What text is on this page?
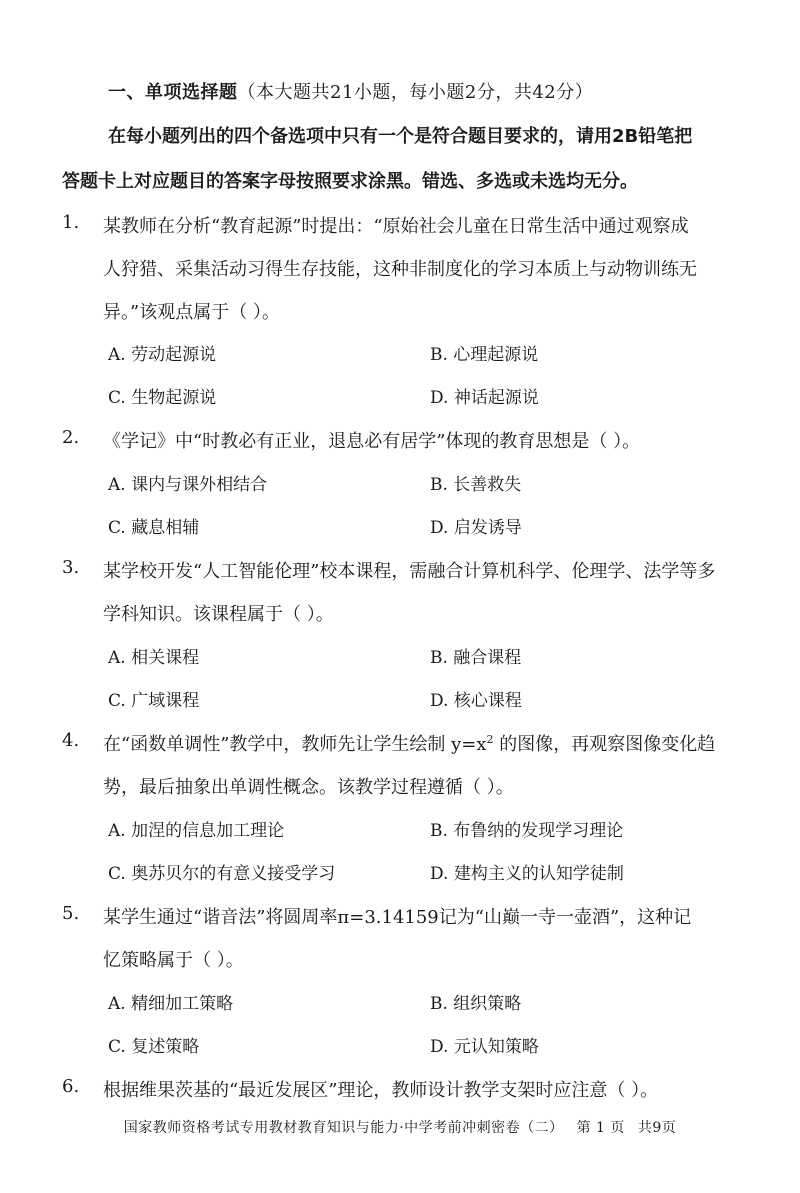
一、单项选择题（本大题共21小题，每小题2分，共42分）
在每小题列出的四个备选项中只有一个是符合题目要求的，请用2B铅笔把
答题卡上对应题目的答案字母按照要求涂黑。错选、多选或未选均无分。
1. 某教师在分析“教育起源”时提出：“原始社会儿童在日常生活中通过观察成
人狩猎、采集活动习得生存技能，这种非制度化的学习本质上与动物训练无
异。”该观点属于（ ）。
A. 劳动起源说	B. 心理起源说
C. 生物起源说	D. 神话起源说
2. 《学记》中“时教必有正业，退息必有居学”体现的教育思想是（ ）。
A. 课内与课外相结合	B. 长善救失
C. 藏息相辅	D. 启发诱导
3. 某学校开发“人工智能伦理”校本课程，需融合计算机科学、伦理学、法学等多
学科知识。该课程属于（ ）。
A. 相关课程	B. 融合课程
C. 广域课程	D. 核心课程
4. 在“函数单调性”教学中，教师先让学生绘制 $y=x^2$ 的图像，再观察图像变化趋
势，最后抽象出单调性概念。该教学过程遵循（ ）。
A. 加涅的信息加工理论	B. 布鲁纳的发现学习理论
C. 奥苏贝尔的有意义接受学习	D. 建构主义的认知学徒制
5. 某学生通过“谐音法”将圆周率π=3.14159记为“山巅一寺一壶酒”，这种记
忆策略属于（ ）。
A. 精细加工策略	B. 组织策略
C. 复述策略	D. 元认知策略
6. 根据维果茨基的“最近发展区”理论，教师设计教学支架时应注意（ ）。
国家教师资格考试专用教材教育知识与能力·中学考前冲刺密卷（二） 第 1 页 共9页
